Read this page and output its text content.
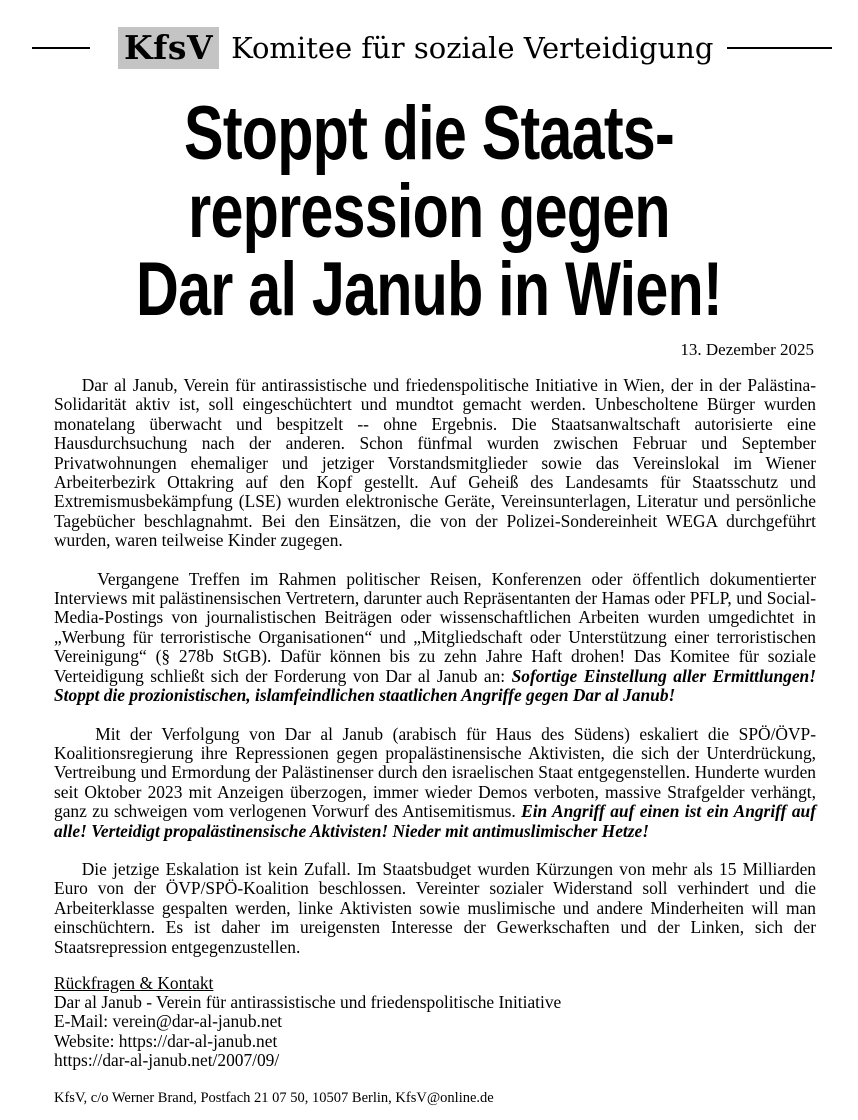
KfsV Komitee für soziale Verteidigung
Stoppt die Staats-
repression gegen
Dar al Janub in Wien!
13. Dezember 2025

Dar al Janub, Verein für antirassistische und friedenspolitische Initiative in Wien, der in der Palästina-Solidarität aktiv ist, soll eingeschüchtert und mundtot gemacht werden. Unbescholtene Bürger wurden monatelang überwacht und bespitzelt -- ohne Ergebnis. Die Staatsanwaltschaft autorisierte eine Hausdurchsuchung nach der anderen. Schon fünfmal wurden zwischen Februar und September Privatwohnungen ehemaliger und jetziger Vorstandsmitglieder sowie das Vereinslokal im Wiener Arbeiterbezirk Ottakring auf den Kopf gestellt. Auf Geheiß des Landesamts für Staatsschutz und Extremismusbekämpfung (LSE) wurden elektronische Geräte, Vereinsunterlagen, Literatur und persönliche Tagebücher beschlagnahmt. Bei den Einsätzen, die von der Polizei-Sondereinheit WEGA durchgeführt wurden, waren teilweise Kinder zugegen.

Vergangene Treffen im Rahmen politischer Reisen, Konferenzen oder öffentlich dokumentierter Interviews mit palästinensischen Vertretern, darunter auch Repräsentanten der Hamas oder PFLP, und Social-Media-Postings von journalistischen Beiträgen oder wissenschaftlichen Arbeiten wurden umgedichtet in „Werbung für terroristische Organisationen“ und „Mitgliedschaft oder Unterstützung einer terroristischen Vereinigung“ (§ 278b StGB). Dafür können bis zu zehn Jahre Haft drohen! Das Komitee für soziale Verteidigung schließt sich der Forderung von Dar al Janub an: Sofortige Einstellung aller Ermittlungen! Stoppt die prozionistischen, islamfeindlichen staatlichen Angriffe gegen Dar al Janub!

Mit der Verfolgung von Dar al Janub (arabisch für Haus des Südens) eskaliert die SPÖ/ÖVP-Koalitionsregierung ihre Repressionen gegen propalästinensische Aktivisten, die sich der Unterdrückung, Vertreibung und Ermordung der Palästinenser durch den israelischen Staat entgegenstellen. Hunderte wurden seit Oktober 2023 mit Anzeigen überzogen, immer wieder Demos verboten, massive Strafgelder verhängt, ganz zu schweigen vom verlogenen Vorwurf des Antisemitismus. Ein Angriff auf einen ist ein Angriff auf alle! Verteidigt propalästinensische Aktivisten! Nieder mit antimuslimischer Hetze!

Die jetzige Eskalation ist kein Zufall. Im Staatsbudget wurden Kürzungen von mehr als 15 Milliarden Euro von der ÖVP/SPÖ-Koalition beschlossen. Vereinter sozialer Widerstand soll verhindert und die Arbeiterklasse gespalten werden, linke Aktivisten sowie muslimische und andere Minderheiten will man einschüchtern. Es ist daher im ureigensten Interesse der Gewerkschaften und der Linken, sich der Staatsrepression entgegenzustellen.

Rückfragen & Kontakt
Dar al Janub - Verein für antirassistische und friedenspolitische Initiative
E-Mail: verein@dar-al-janub.net
Website: https://dar-al-janub.net
https://dar-al-janub.net/2007/09/
KfsV, c/o Werner Brand, Postfach 21 07 50, 10507 Berlin, KfsV@online.de
